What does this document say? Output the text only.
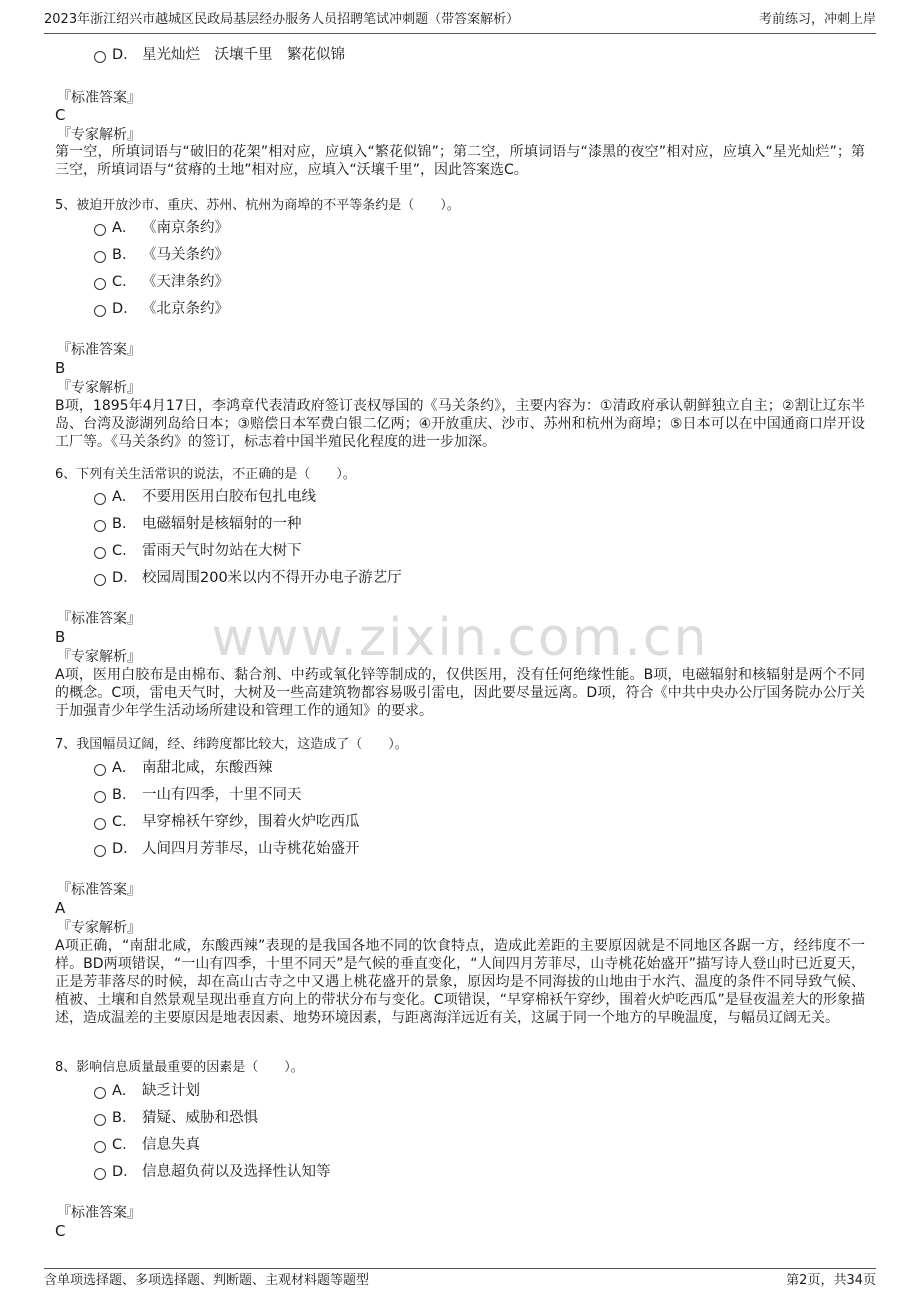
www.zixin.com.cn
2023年浙江绍兴市越城区民政局基层经办服务人员招聘笔试冲刺题（带答案解析）	考前练习，冲刺上岸
D． 星光灿烂　沃壤千里　繁花似锦
『标准答案』
C
『专家解析』
第一空，所填词语与“破旧的花架”相对应，应填入“繁花似锦”；第二空，所填词语与“漆黑的夜空”相对应，应填入“星光灿烂”；第三空，所填词语与“贫瘠的土地”相对应，应填入“沃壤千里”，因此答案选C。
5、被迫开放沙市、重庆、苏州、杭州为商埠的不平等条约是（　　）。
A． 《南京条约》
B． 《马关条约》
C． 《天津条约》
D． 《北京条约》
『标准答案』
B
『专家解析』
B项，1895年4月17日，李鸿章代表清政府签订丧权辱国的《马关条约》，主要内容为：①清政府承认朝鲜独立自主；②割让辽东半岛、台湾及澎湖列岛给日本；③赔偿日本军费白银二亿两；④开放重庆、沙市、苏州和杭州为商埠；⑤日本可以在中国通商口岸开设工厂等。《马关条约》的签订，标志着中国半殖民化程度的进一步加深。
6、下列有关生活常识的说法，不正确的是（　　）。
A． 不要用医用白胶布包扎电线
B． 电磁辐射是核辐射的一种
C． 雷雨天气时勿站在大树下
D． 校园周围200米以内不得开办电子游艺厅
『标准答案』
B
『专家解析』
A项，医用白胶布是由棉布、黏合剂、中药或氧化锌等制成的，仅供医用，没有任何绝缘性能。B项，电磁辐射和核辐射是两个不同的概念。C项，雷电天气时，大树及一些高建筑物都容易吸引雷电，因此要尽量远离。D项，符合《中共中央办公厅国务院办公厅关于加强青少年学生活动场所建设和管理工作的通知》的要求。
7、我国幅员辽阔，经、纬跨度都比较大，这造成了（　　）。
A． 南甜北咸，东酸西辣
B． 一山有四季，十里不同天
C． 早穿棉袄午穿纱，围着火炉吃西瓜
D． 人间四月芳菲尽，山寺桃花始盛开
『标准答案』
A
『专家解析』
A项正确，“南甜北咸，东酸西辣”表现的是我国各地不同的饮食特点，造成此差距的主要原因就是不同地区各踞一方，经纬度不一样。BD两项错误，“一山有四季，十里不同天”是气候的垂直变化，“人间四月芳菲尽，山寺桃花始盛开”描写诗人登山时已近夏天，正是芳菲落尽的时候，却在高山古寺之中又遇上桃花盛开的景象，原因均是不同海拔的山地由于水汽、温度的条件不同导致气候、植被、土壤和自然景观呈现出垂直方向上的带状分布与变化。C项错误，“早穿棉袄午穿纱，围着火炉吃西瓜”是昼夜温差大的形象描述，造成温差的主要原因是地表因素、地势环境因素，与距离海洋远近有关，这属于同一个地方的早晚温度，与幅员辽阔无关。
8、影响信息质量最重要的因素是（　　）。
A． 缺乏计划
B． 猜疑、威胁和恐惧
C． 信息失真
D． 信息超负荷以及选择性认知等
『标准答案』
C
含单项选择题、多项选择题、判断题、主观材料题等题型	第2页，共34页
